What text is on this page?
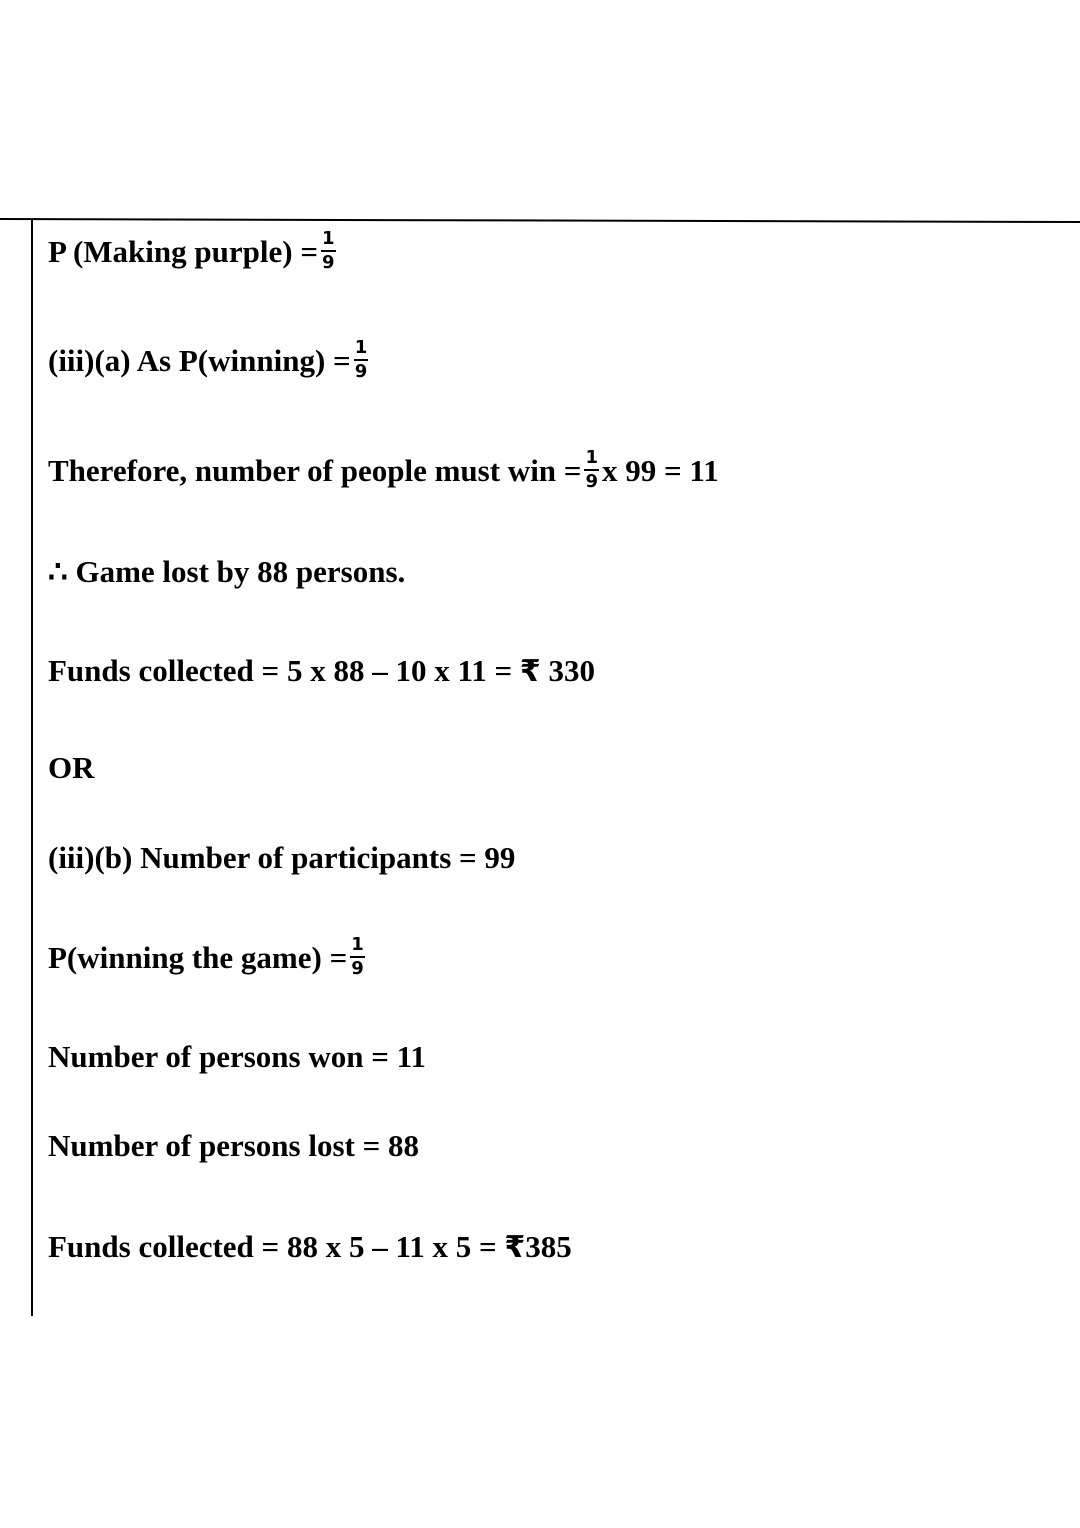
P (Making purple) = $\frac{1}{9}$
(iii)(a) As P(winning) = $\frac{1}{9}$
Therefore, number of people must win = $\frac{1}{9}$ x 99 = 11
∴ Game lost by 88 persons.
Funds collected = 5 x 88 – 10 x 11 = ₹ 330
OR
(iii)(b) Number of participants = 99
P(winning the game) = $\frac{1}{9}$
Number of persons won = 11
Number of persons lost = 88
Funds collected = 88 x 5 – 11 x 5 = ₹385
